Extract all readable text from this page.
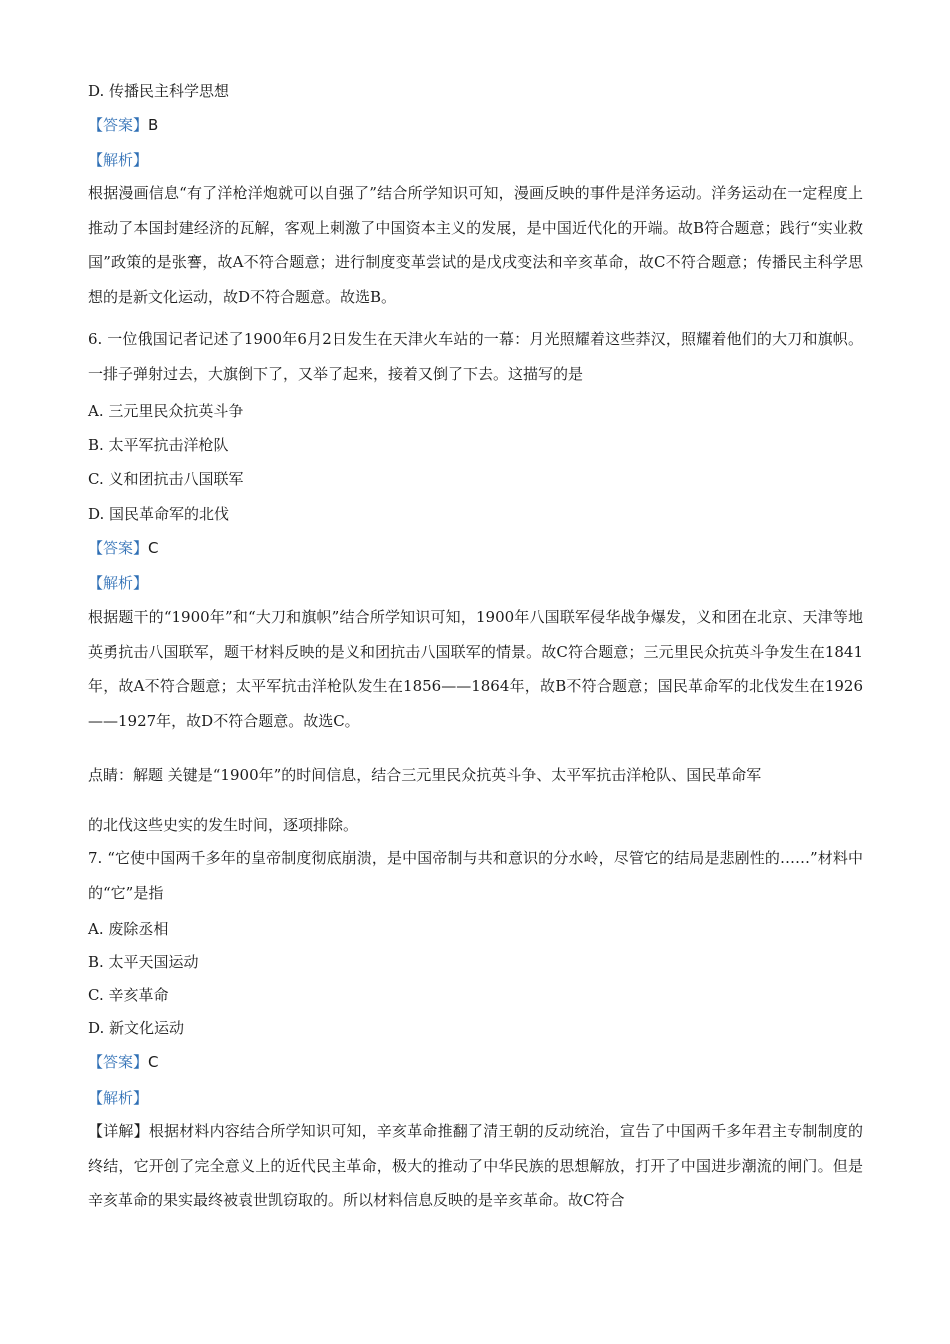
D. 传播民主科学思想
【答案】B
【解析】
根据漫画信息“有了洋枪洋炮就可以自强了”结合所学知识可知，漫画反映的事件是洋务运动。洋务运动在一定程度上推动了本国封建经济的瓦解，客观上刺激了中国资本主义的发展，是中国近代化的开端。故B符合题意；践行“实业救国”政策的是张謇，故A不符合题意；进行制度变革尝试的是戊戌变法和辛亥革命，故C不符合题意；传播民主科学思想的是新文化运动，故D不符合题意。故选B。
6. 一位俄国记者记述了1900年6月2日发生在天津火车站的一幕：月光照耀着这些莽汉，照耀着他们的大刀和旗帜。一排子弹射过去，大旗倒下了，又举了起来，接着又倒了下去。这描写的是
A. 三元里民众抗英斗争
B. 太平军抗击洋枪队
C. 义和团抗击八国联军
D. 国民革命军的北伐
【答案】C
【解析】
根据题干的“1900年”和“大刀和旗帜”结合所学知识可知，1900年八国联军侵华战争爆发，义和团在北京、天津等地英勇抗击八国联军，题干材料反映的是义和团抗击八国联军的情景。故C符合题意；三元里民众抗英斗争发生在1841年，故A不符合题意；太平军抗击洋枪队发生在1856——1864年，故B不符合题意；国民革命军的北伐发生在1926——1927年，故D不符合题意。故选C。
点睛：解题 关键是“1900年”的时间信息，结合三元里民众抗英斗争、太平军抗击洋枪队、国民革命军
的北伐这些史实的发生时间，逐项排除。
7. “它使中国两千多年的皇帝制度彻底崩溃，是中国帝制与共和意识的分水岭，尽管它的结局是悲剧性的……”材料中的“它”是指
A. 废除丞相
B. 太平天国运动
C. 辛亥革命
D. 新文化运动
【答案】C
【解析】
【详解】根据材料内容结合所学知识可知，辛亥革命推翻了清王朝的反动统治，宣告了中国两千多年君主专制制度的终结，它开创了完全意义上的近代民主革命，极大的推动了中华民族的思想解放，打开了中国进步潮流的闸门。但是辛亥革命的果实最终被袁世凯窃取的。所以材料信息反映的是辛亥革命。故C符合
